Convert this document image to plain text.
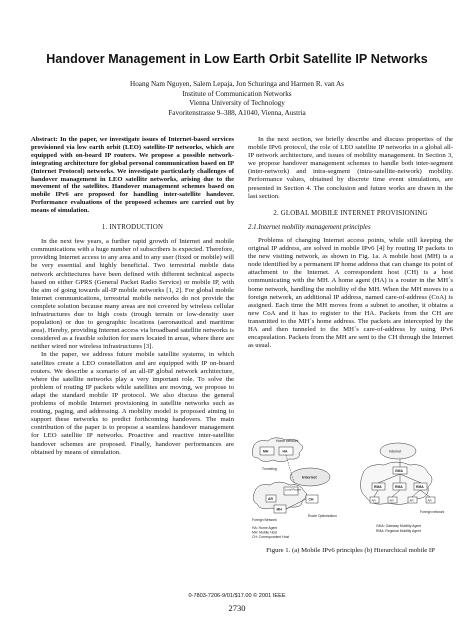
Handover Management in Low Earth Orbit Satellite IP Networks
Hoang Nam Nguyen, Salem Lepaja, Jon Schuringa and Harmen R. van As
Institute of Communication Networks
Vienna University of Technology
Favoritenstrasse 9–388, A1040, Vienna, Austria

Abstract: In the paper, we investigate issues of Internet-based services provisioned via low earth orbit (LEO) satellite-IP networks, which are equipped with on-board IP routers. We propose a possible network-integrating architecture for global personal communication based on IP (Internet Protocol) networks. We investigate particularly challenges of handover management in LEO satellite networks, arising due to the movement of the satellites. Handover management schemes based on mobile IPv6 are proposed for handling inter-satellite handover. Performance evaluations of the proposed schemes are carried out by means of simulation.

1. INTRODUCTION

In the next few years, a further rapid growth of Internet and mobile communications with a huge number of subscribers is expected. Therefore, providing Internet access to any area and to any user (fixed or mobile) will be very essential and highly beneficial. Two terrestrial mobile data network architectures have been defined with different technical aspects based on either GPRS (General Packet Radio Service) or mobile IP, with the aim of going towards all-IP mobile networks [1, 2]. For global mobile Internet communications, terrestrial mobile networks do not provide the complete solution because many areas are not covered by wireless cellular infrastructures due to high costs (trough terrain or low-density user population) or due to geographic locations (aeronautical and maritime area). Hereby, providing Internet access via broadband satellite networks is considered as a feasible solution for users located in areas, where there are neither wired nor wireless infrastructures [3].

In the paper, we address future mobile satellite systems, in which satellites create a LEO constellation and are equipped with IP on-board routers. We describe a scenario of an all-IP global network architecture, where the satellite networks play a very important role. To solve the problem of routing IP packets while satellites are moving, we propose to adapt the standard mobile IP protocol. We also discuss the general problems of mobile Internet provisioning in satellite networks such as routing, paging, and addressing. A mobility model is proposed aiming to support these networks to predict forthcoming handovers. The main contribution of the paper is to propose a seamless handover management for LEO satellite IP networks. Proactive and reactive inter-satellite handover schemes are proposed. Finally, handover performances are obtained by means of simulation.

In the next section, we briefly describe and discuss properties of the mobile IPv6 protocol, the role of LEO satellite IP networks in a global all-IP network architecture, and issues of mobility management. In Section 3, we propose handover management schemes to handle both inter-segment (inter-network) and intra-segment (intra-satellite-network) mobility. Performance values, obtained by discrete time event simulations, are presented in Section 4. The conclusion and future works are drawn in the last section.

2. GLOBAL MOBILE INTERNET PROVISIONING
2.1.Internet mobility management principles

Problems of changing Internet access points, while still keeping the original IP address, are solved in mobile IPv6 [4] by routing IP packets to the new visiting network, as shown in Fig. 1a. A mobile host (MH) is a node identified by a permanent IP home address that can change its point of attachment to the Internet. A correspondent host (CH) is a host communicating with the MH. A home agent (HA) is a router in the MH´s home network, handling the mobility of the MH. When the MH moves to a foreign network, an additional IP address, named care-of-address (CoA) is assigned. Each time the MH moves from a subnet to another, it obtains a new CoA and it has to register to the HA. Packets from the CH are transmitted to the MH´s home address. The packets are intercepted by the HA and then tunneled to the MH´s care-of-address by using IPv6 encapsulation. Packets from the MH are sent to the CH through the Internet as usual.

Home Network
MH	HA
Internet
Tunneling
Local Router
AR	CH
MH
Foreign Network
Route Optimization
HA: Home Agent
MH: Mobile Host
CH: Correspondent Host
Internet
GMA
RMA	RMA	RMA
AR	AR	AR	AR
Foreign network
GMA: Gateway Mobility Agent
RMA: Regional Mobility Agent
Figure 1. (a) Mobile IPv6 principles (b) Hierarchical mobile IP
0-7803-7206-9/01/$17.00 © 2001 IEEE
2730
